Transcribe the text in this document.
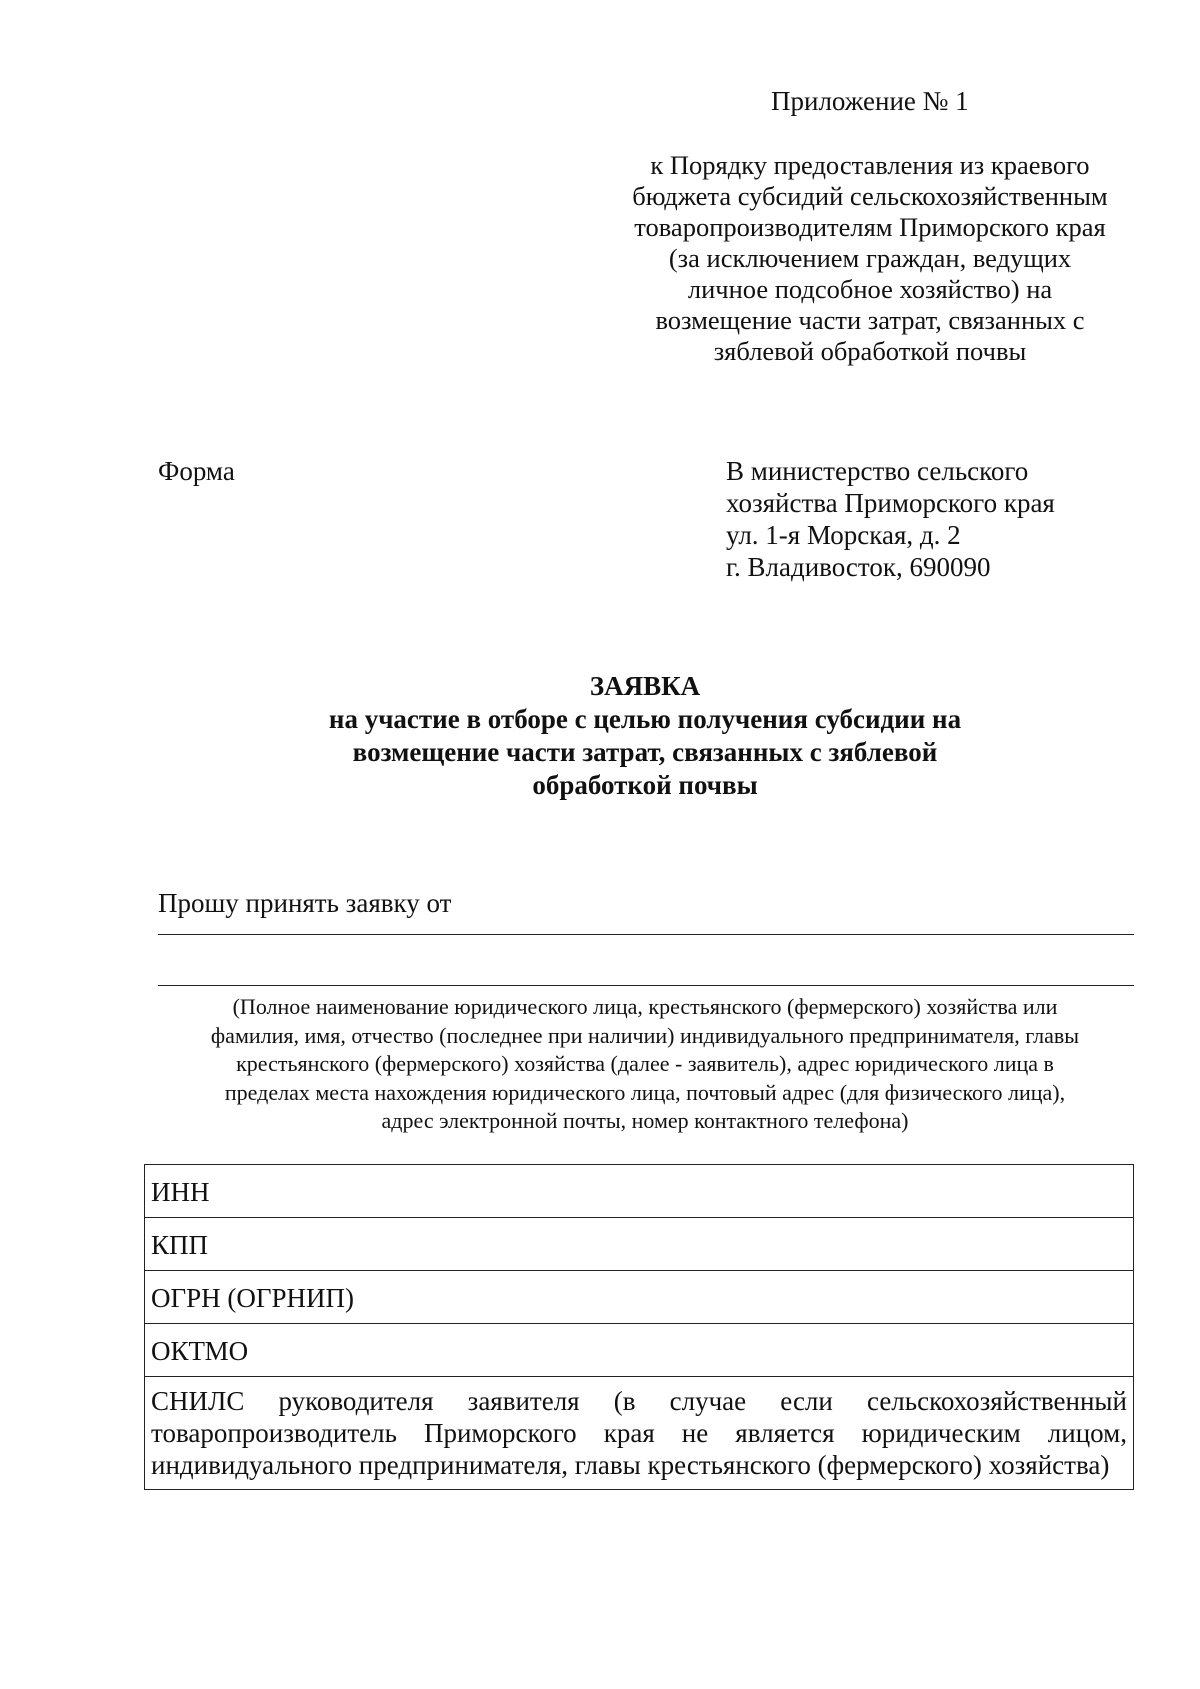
Приложение № 1
к Порядку предоставления из краевого
бюджета субсидий сельскохозяйственным
товаропроизводителям Приморского края
(за исключением граждан, ведущих
личное подсобное хозяйство) на
возмещение части затрат, связанных с
зяблевой обработкой почвы
Форма	В министерство сельского
хозяйства Приморского края
ул. 1-я Морская, д. 2
г. Владивосток, 690090
ЗАЯВКА
на участие в отборе с целью получения субсидии на
возмещение части затрат, связанных с зяблевой
обработкой почвы
Прошу принять заявку от
(Полное наименование юридического лица, крестьянского (фермерского) хозяйства или
фамилия, имя, отчество (последнее при наличии) индивидуального предпринимателя, главы
крестьянского (фермерского) хозяйства (далее - заявитель), адрес юридического лица в
пределах места нахождения юридического лица, почтовый адрес (для физического лица),
адрес электронной почты, номер контактного телефона)
ИНН
КПП
ОГРН (ОГРНИП)
ОКТМО
СНИЛС руководителя заявителя (в случае если сельскохозяйственный товаропроизводитель Приморского края не является юридическим лицом, индивидуального предпринимателя, главы крестьянского (фермерского) хозяйства)
